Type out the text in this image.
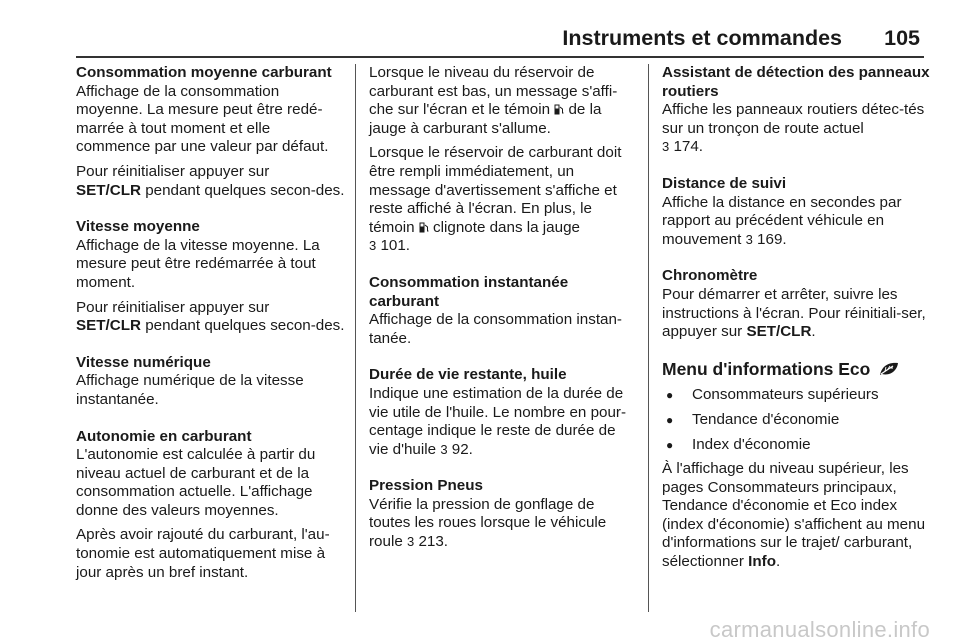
Instruments et commandes 105
Consommation moyenne carburant

Affichage de la consommation moyenne. La mesure peut être redé-marrée à tout moment et elle commence par une valeur par défaut.

Pour réinitialiser appuyer sur
SET/CLR pendant quelques secon-des.

Vitesse moyenne

Affichage de la vitesse moyenne. La mesure peut être redémarrée à tout moment.

Pour réinitialiser appuyer sur
SET/CLR pendant quelques secon-des.

Vitesse numérique

Affichage numérique de la vitesse instantanée.

Autonomie en carburant

L'autonomie est calculée à partir du niveau actuel de carburant et de la consommation actuelle. L'affichage donne des valeurs moyennes.

Après avoir rajouté du carburant, l'au-tonomie est automatiquement mise à jour après un bref instant.

Lorsque le niveau du réservoir de carburant est bas, un message s'affi-che sur l'écran et le témoin  de la jauge à carburant s'allume.

Lorsque le réservoir de carburant doit être rempli immédiatement, un message d'avertissement s'affiche et reste affiché à l'écran. En plus, le témoin  clignote dans la jauge
3 101.

Consommation instantanée carburant

Affichage de la consommation instan-tanée.

Durée de vie restante, huile

Indique une estimation de la durée de vie utile de l'huile. Le nombre en pour-centage indique le reste de durée de vie d'huile 3 92.

Pression Pneus

Vérifie la pression de gonflage de toutes les roues lorsque le véhicule roule 3 213.

Assistant de détection des panneaux routiers

Affiche les panneaux routiers détec-tés sur un tronçon de route actuel
3 174.

Distance de suivi

Affiche la distance en secondes par rapport au précédent véhicule en mouvement 3 169.

Chronomètre

Pour démarrer et arrêter, suivre les instructions à l'écran. Pour réinitiali-ser, appuyer sur SET/CLR.

Menu d'informations Eco
● Consommateurs supérieurs
● Tendance d'économie
● Index d'économie

À l'affichage du niveau supérieur, les pages Consommateurs principaux, Tendance d'économie et Eco index (index d'économie) s'affichent au menu d'informations sur le trajet/ carburant, sélectionner Info.

carmanualsonline.info
